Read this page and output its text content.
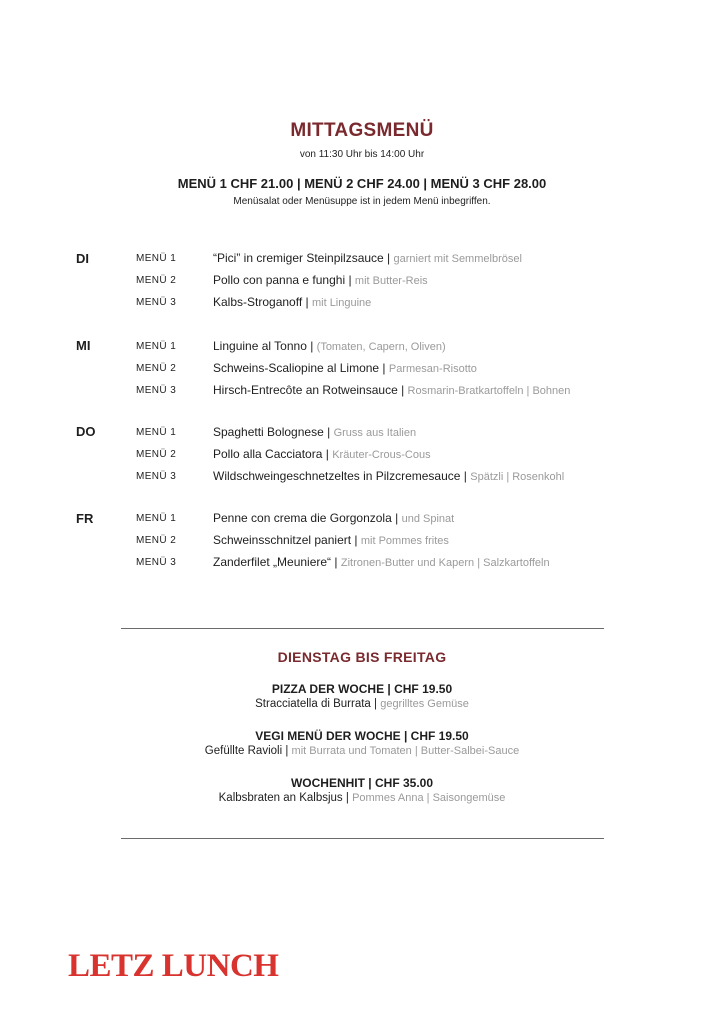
MITTAGSMENÜ
von 11:30 Uhr bis 14:00 Uhr
MENÜ 1 CHF 21.00 | MENÜ 2 CHF 24.00 | MENÜ 3 CHF 28.00
Menüsalat oder Menüsuppe ist in jedem Menü inbegriffen.
DI	MENÜ 1	“Pici” in cremiger Steinpilzsauce | garniert mit Semmelbrösel
MENÜ 2	Pollo con panna e funghi | mit Butter-Reis
MENÜ 3	Kalbs-Stroganoff | mit Linguine
MI	MENÜ 1	Linguine al Tonno | (Tomaten, Capern, Oliven)
MENÜ 2	Schweins-Scaliopine al Limone | Parmesan-Risotto
MENÜ 3	Hirsch-Entrecôte an Rotweinsauce | Rosmarin-Bratkartoffeln | Bohnen
DO	MENÜ 1	Spaghetti Bolognese | Gruss aus Italien
MENÜ 2	Pollo alla Cacciatora | Kräuter-Crous-Cous
MENÜ 3	Wildschweingeschnetzeltes in Pilzcremesauce | Spätzli | Rosenkohl
FR	MENÜ 1	Penne con crema die Gorgonzola | und Spinat
MENÜ 2	Schweinsschnitzel paniert | mit Pommes frites
MENÜ 3	Zanderfilet „Meuniere“ | Zitronen-Butter und Kapern | Salzkartoffeln
DIENSTAG BIS FREITAG
PIZZA DER WOCHE | CHF 19.50
Stracciatella di Burrata | gegrilltes Gemüse
VEGI MENÜ DER WOCHE | CHF 19.50
Gefüllte Ravioli | mit Burrata und Tomaten | Butter-Salbei-Sauce
WOCHENHIT | CHF 35.00
Kalbsbraten an Kalbsjus | Pommes Anna | Saisongemüse
LETZ LUNCH
